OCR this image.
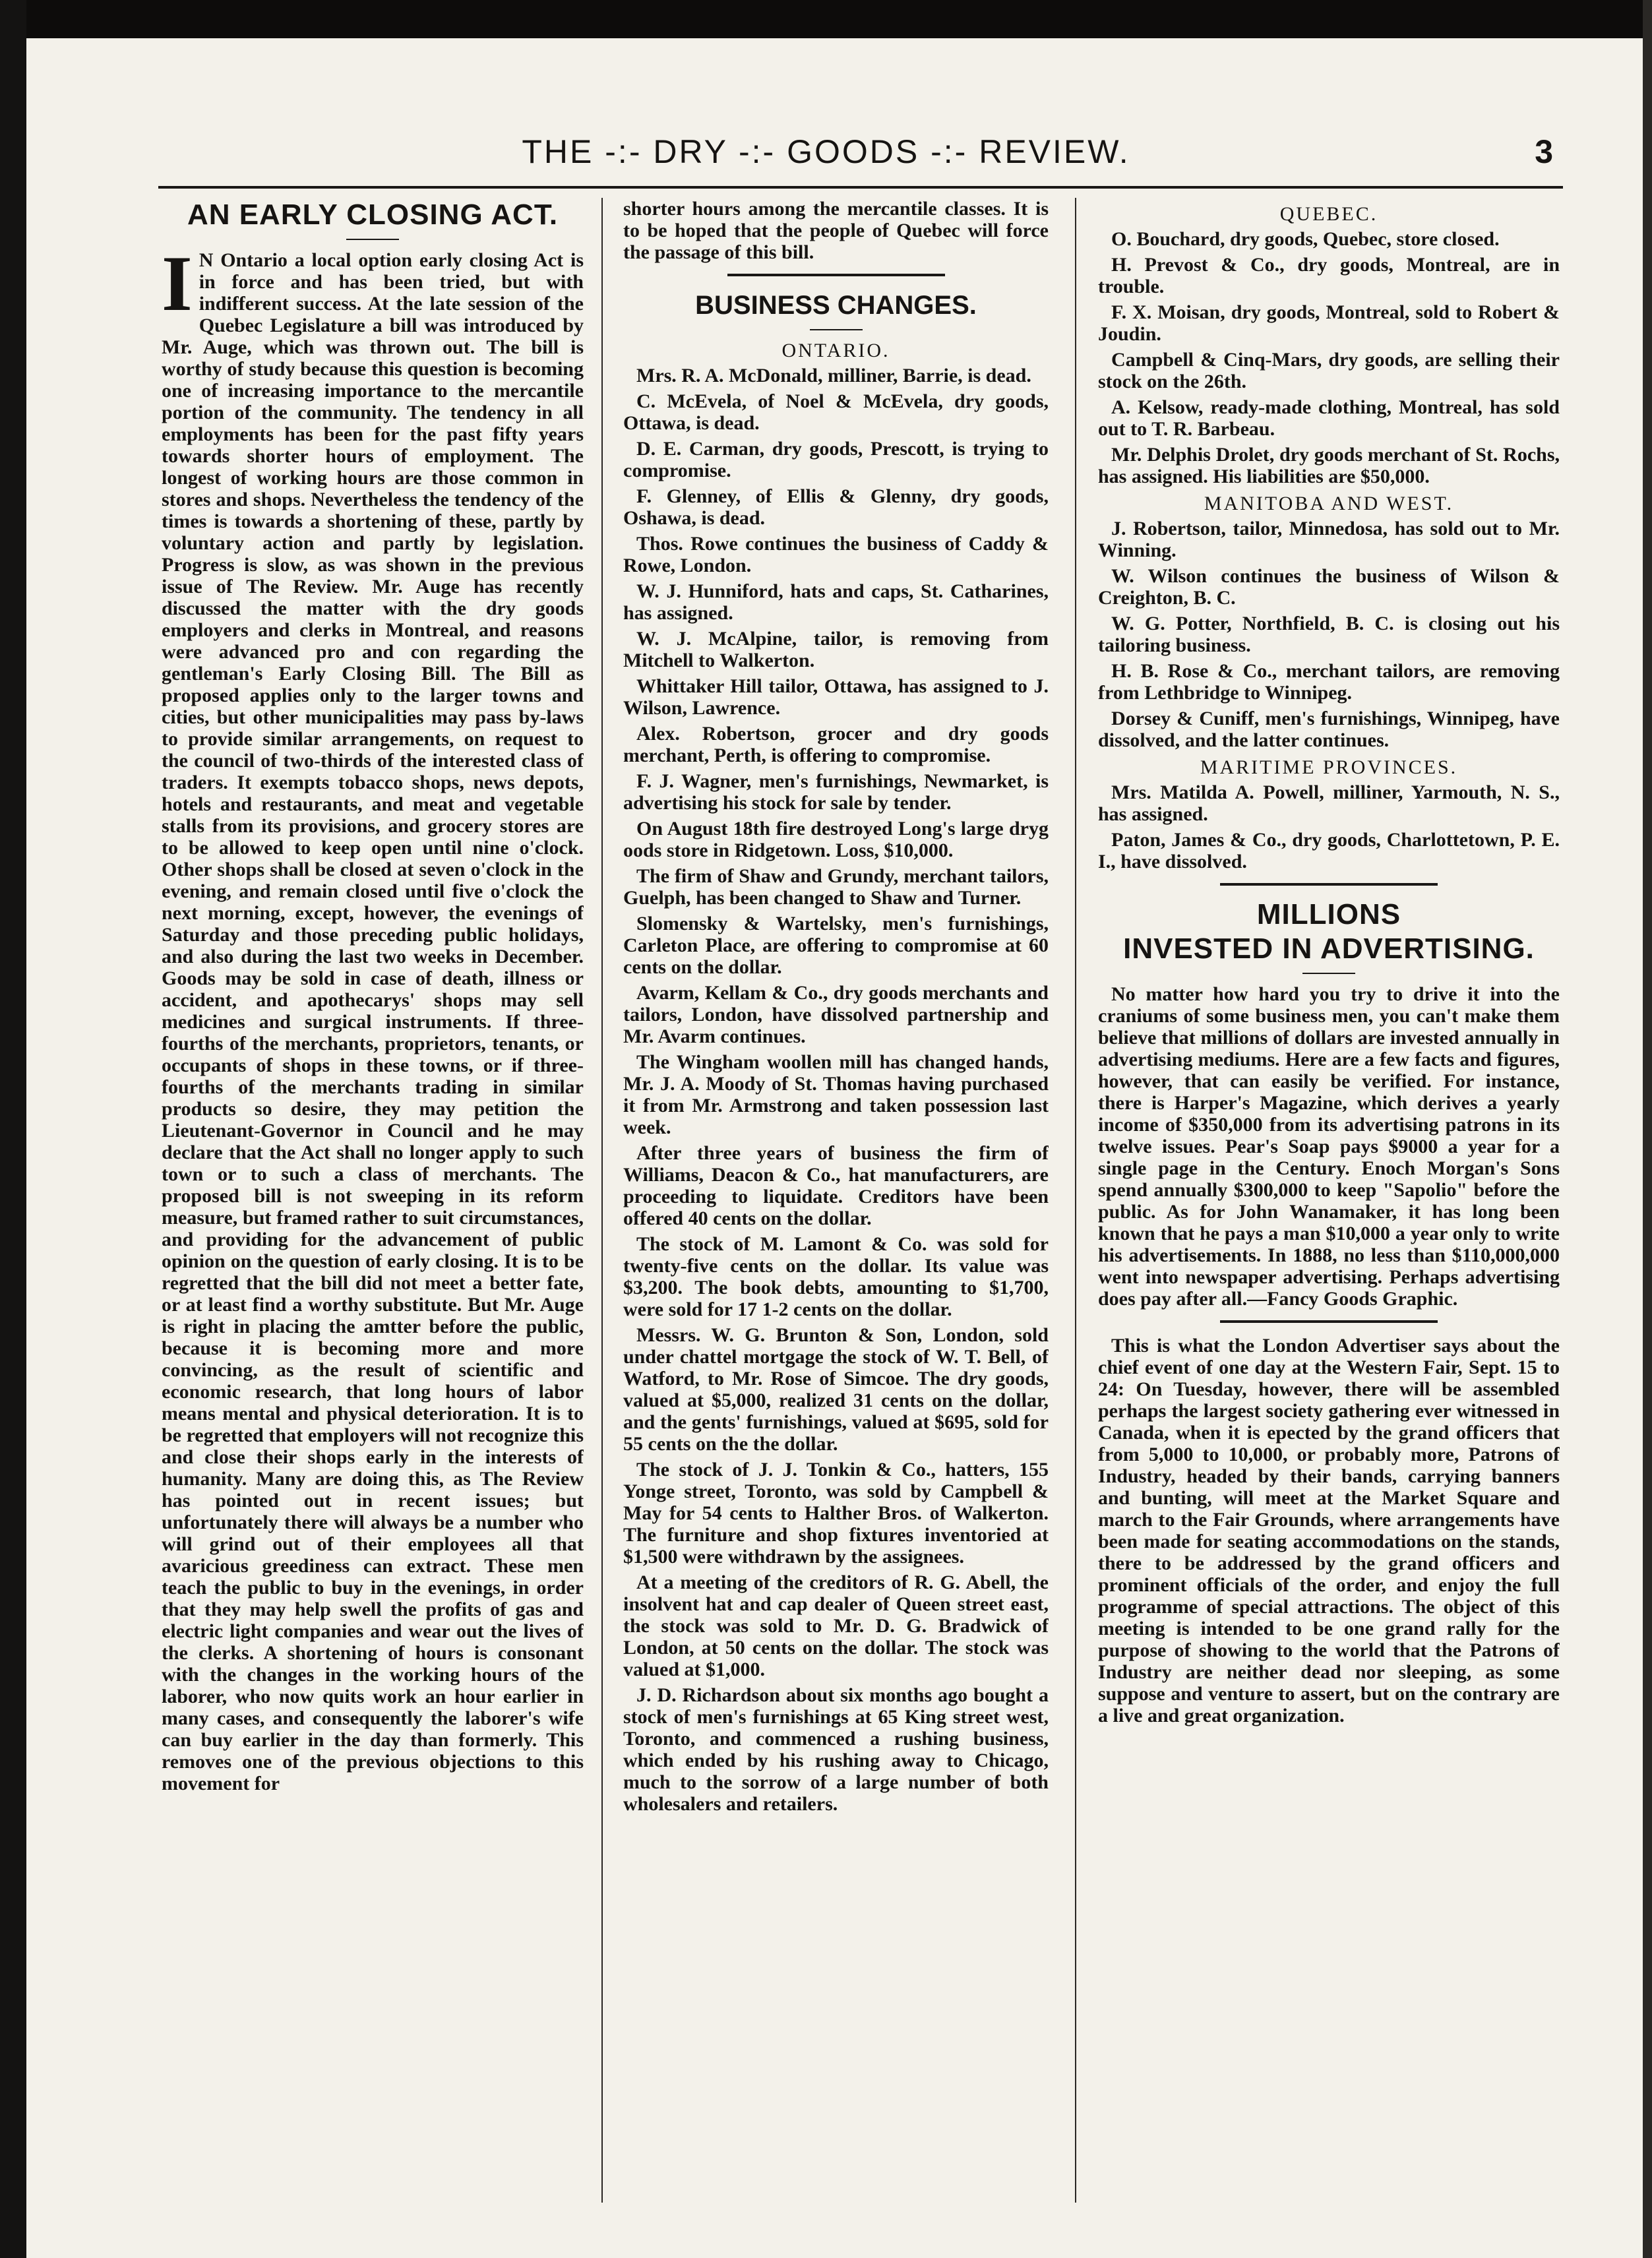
THE -:- DRY -:- GOODS -:- REVIEW.	3
AN EARLY CLOSING ACT.

I N Ontario a local option early closing Act is in force and has been tried, but with indifferent success. At the late session of the Quebec Legislature a bill was introduced by Mr. Auge, which was thrown out. The bill is worthy of study because this question is becoming one of increasing importance to the mercantile portion of the community. The tendency in all employments has been for the past fifty years towards shorter hours of employment. The longest of working hours are those common in stores and shops. Nevertheless the tendency of the times is towards a shortening of these, partly by voluntary action and partly by legislation. Progress is slow, as was shown in the previous issue of The Review. Mr. Auge has recently discussed the matter with the dry goods employers and clerks in Montreal, and reasons were advanced pro and con regarding the gentleman's Early Closing Bill. The Bill as proposed applies only to the larger towns and cities, but other municipalities may pass by-laws to provide similar arrangements, on request to the council of two-thirds of the interested class of traders. It exempts tobacco shops, news depots, hotels and restaurants, and meat and vegetable stalls from its provisions, and grocery stores are to be allowed to keep open until nine o'clock. Other shops shall be closed at seven o'clock in the evening, and remain closed until five o'clock the next morning, except, however, the evenings of Saturday and those preceding public holidays, and also during the last two weeks in December. Goods may be sold in case of death, illness or accident, and apothecarys' shops may sell medicines and surgical instruments. If three-fourths of the merchants, proprietors, tenants, or occupants of shops in these towns, or if three-fourths of the merchants trading in similar products so desire, they may petition the Lieutenant-Governor in Council and he may declare that the Act shall no longer apply to such town or to such a class of merchants. The proposed bill is not sweeping in its reform measure, but framed rather to suit circumstances, and providing for the advancement of public opinion on the question of early closing. It is to be regretted that the bill did not meet a better fate, or at least find a worthy substitute. But Mr. Auge is right in placing the amtter before the public, because it is becoming more and more convincing, as the result of scientific and economic research, that long hours of labor means mental and physical deterioration. It is to be regretted that employers will not recognize this and close their shops early in the interests of humanity. Many are doing this, as The Review has pointed out in recent issues; but unfortunately there will always be a number who will grind out of their employees all that avaricious greediness can extract. These men teach the public to buy in the evenings, in order that they may help swell the profits of gas and electric light companies and wear out the lives of the clerks. A shortening of hours is consonant with the changes in the working hours of the laborer, who now quits work an hour earlier in many cases, and consequently the laborer's wife can buy earlier in the day than formerly. This removes one of the previous objections to this movement for

shorter hours among the mercantile classes. It is to be hoped that the people of Quebec will force the passage of this bill.

BUSINESS CHANGES.
ONTARIO.

Mrs. R. A. McDonald, milliner, Barrie, is dead.

C. McEvela, of Noel & McEvela, dry goods, Ottawa, is dead.

D. E. Carman, dry goods, Prescott, is trying to compromise.

F. Glenney, of Ellis & Glenny, dry goods, Oshawa, is dead.

Thos. Rowe continues the business of Caddy & Rowe, London.

W. J. Hunniford, hats and caps, St. Catharines, has assigned.

W. J. McAlpine, tailor, is removing from Mitchell to Walkerton.

Whittaker Hill tailor, Ottawa, has assigned to J. Wilson, Lawrence.

Alex. Robertson, grocer and dry goods merchant, Perth, is offering to compromise.

F. J. Wagner, men's furnishings, Newmarket, is advertising his stock for sale by tender.

On August 18th fire destroyed Long's large dryg oods store in Ridgetown. Loss, $10,000.

The firm of Shaw and Grundy, merchant tailors, Guelph, has been changed to Shaw and Turner.

Slomensky & Wartelsky, men's furnishings, Carleton Place, are offering to compromise at 60 cents on the dollar.

Avarm, Kellam & Co., dry goods merchants and tailors, London, have dissolved partnership and Mr. Avarm continues.

The Wingham woollen mill has changed hands, Mr. J. A. Moody of St. Thomas having purchased it from Mr. Armstrong and taken possession last week.

After three years of business the firm of Williams, Deacon & Co., hat manufacturers, are proceeding to liquidate. Creditors have been offered 40 cents on the dollar.

The stock of M. Lamont & Co. was sold for twenty-five cents on the dollar. Its value was $3,200. The book debts, amounting to $1,700, were sold for 17 1-2 cents on the dollar.

Messrs. W. G. Brunton & Son, London, sold under chattel mortgage the stock of W. T. Bell, of Watford, to Mr. Rose of Simcoe. The dry goods, valued at $5,000, realized 31 cents on the dollar, and the gents' furnishings, valued at $695, sold for 55 cents on the the dollar.

The stock of J. J. Tonkin & Co., hatters, 155 Yonge street, Toronto, was sold by Campbell & May for 54 cents to Halther Bros. of Walkerton. The furniture and shop fixtures inventoried at $1,500 were withdrawn by the assignees.

At a meeting of the creditors of R. G. Abell, the insolvent hat and cap dealer of Queen street east, the stock was sold to Mr. D. G. Bradwick of London, at 50 cents on the dollar. The stock was valued at $1,000.

J. D. Richardson about six months ago bought a stock of men's furnishings at 65 King street west, Toronto, and commenced a rushing business, which ended by his rushing away to Chicago, much to the sorrow of a large number of both wholesalers and retailers.

QUEBEC.

O. Bouchard, dry goods, Quebec, store closed.

H. Prevost & Co., dry goods, Montreal, are in trouble.

F. X. Moisan, dry goods, Montreal, sold to Robert & Joudin.

Campbell & Cinq-Mars, dry goods, are selling their stock on the 26th.

A. Kelsow, ready-made clothing, Montreal, has sold out to T. R. Barbeau.

Mr. Delphis Drolet, dry goods merchant of St. Rochs, has assigned. His liabilities are $50,000.

MANITOBA AND WEST.

J. Robertson, tailor, Minnedosa, has sold out to Mr. Winning.

W. Wilson continues the business of Wilson & Creighton, B. C.

W. G. Potter, Northfield, B. C. is closing out his tailoring business.

H. B. Rose & Co., merchant tailors, are removing from Lethbridge to Winnipeg.

Dorsey & Cuniff, men's furnishings, Winnipeg, have dissolved, and the latter continues.

MARITIME PROVINCES.

Mrs. Matilda A. Powell, milliner, Yarmouth, N. S., has assigned.

Paton, James & Co., dry goods, Charlottetown, P. E. I., have dissolved.

MILLIONS
INVESTED IN ADVERTISING.

No matter how hard you try to drive it into the craniums of some business men, you can't make them believe that millions of dollars are invested annually in advertising mediums. Here are a few facts and figures, however, that can easily be verified. For instance, there is Harper's Magazine, which derives a yearly income of $350,000 from its advertising patrons in its twelve issues. Pear's Soap pays $9000 a year for a single page in the Century. Enoch Morgan's Sons spend annually $300,000 to keep "Sapolio" before the public. As for John Wanamaker, it has long been known that he pays a man $10,000 a year only to write his advertisements. In 1888, no less than $110,000,000 went into newspaper advertising. Perhaps advertising does pay after all.—Fancy Goods Graphic.

This is what the London Advertiser says about the chief event of one day at the Western Fair, Sept. 15 to 24: On Tuesday, however, there will be assembled perhaps the largest society gathering ever witnessed in Canada, when it is epected by the grand officers that from 5,000 to 10,000, or probably more, Patrons of Industry, headed by their bands, carrying banners and bunting, will meet at the Market Square and march to the Fair Grounds, where arrangements have been made for seating accommodations on the stands, there to be addressed by the grand officers and prominent officials of the order, and enjoy the full programme of special attractions. The object of this meeting is intended to be one grand rally for the purpose of showing to the world that the Patrons of Industry are neither dead nor sleeping, as some suppose and venture to assert, but on the contrary are a live and great organization.
